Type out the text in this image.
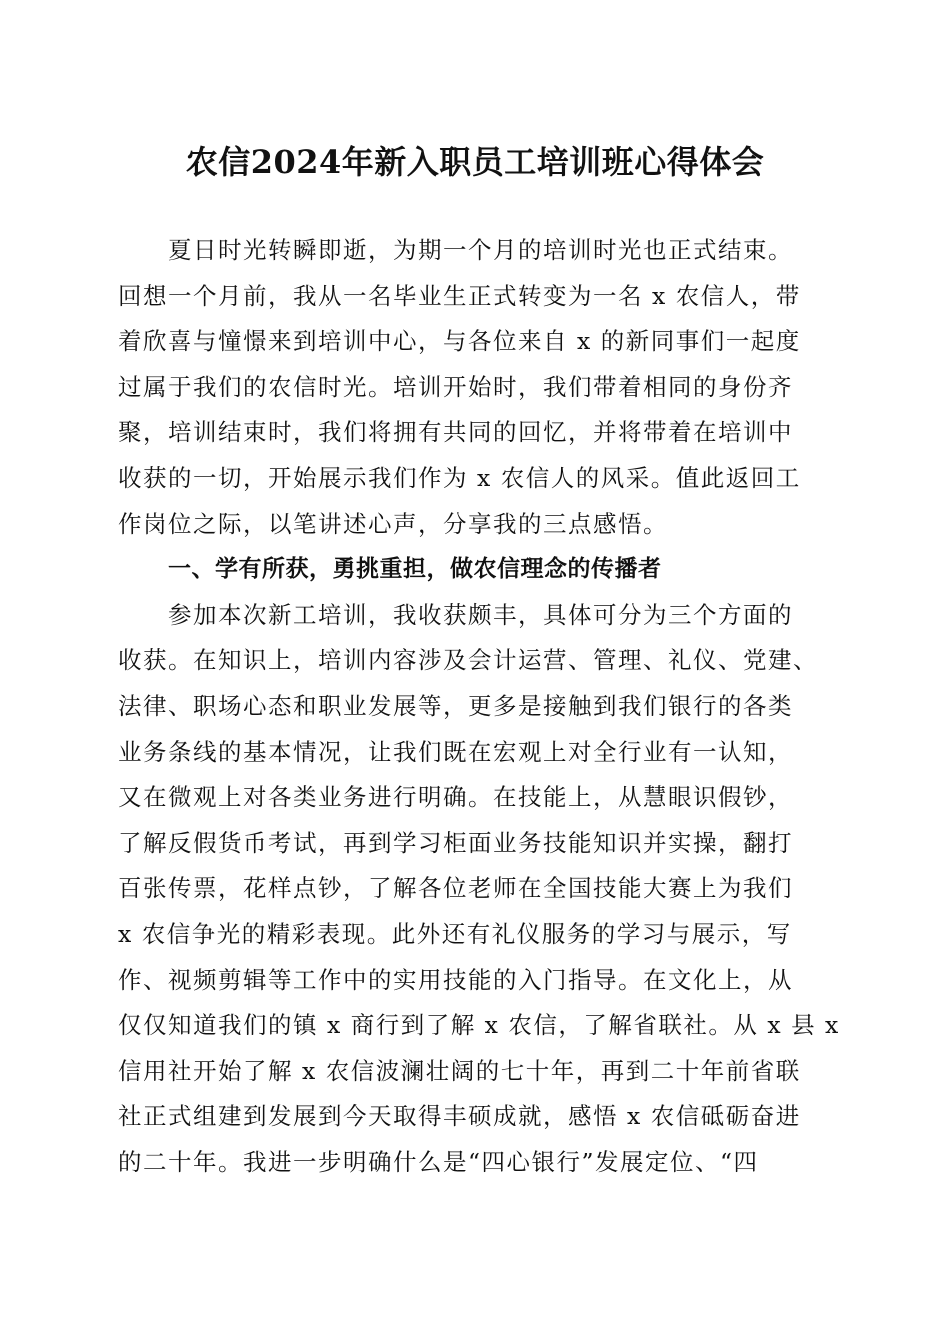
农信2024年新入职员工培训班心得体会
夏日时光转瞬即逝，为期一个月的培训时光也正式结束。
回想一个月前，我从一名毕业生正式转变为一名 x 农信人，带
着欣喜与憧憬来到培训中心，与各位来自 x 的新同事们一起度
过属于我们的农信时光。培训开始时，我们带着相同的身份齐
聚，培训结束时，我们将拥有共同的回忆，并将带着在培训中
收获的一切，开始展示我们作为 x 农信人的风采。值此返回工
作岗位之际，以笔讲述心声，分享我的三点感悟。
一、学有所获，勇挑重担，做农信理念的传播者
参加本次新工培训，我收获颇丰，具体可分为三个方面的
收获。在知识上，培训内容涉及会计运营、管理、礼仪、党建、
法律、职场心态和职业发展等，更多是接触到我们银行的各类
业务条线的基本情况，让我们既在宏观上对全行业有一认知，
又在微观上对各类业务进行明确。在技能上，从慧眼识假钞，
了解反假货币考试，再到学习柜面业务技能知识并实操，翻打
百张传票，花样点钞，了解各位老师在全国技能大赛上为我们
x 农信争光的精彩表现。此外还有礼仪服务的学习与展示，写
作、视频剪辑等工作中的实用技能的入门指导。在文化上，从
仅仅知道我们的镇 x 商行到了解 x 农信，了解省联社。从 x 县 x
信用社开始了解 x 农信波澜壮阔的七十年，再到二十年前省联
社正式组建到发展到今天取得丰硕成就，感悟 x 农信砥砺奋进
的二十年。我进一步明确什么是“四心银行”发展定位、“四
